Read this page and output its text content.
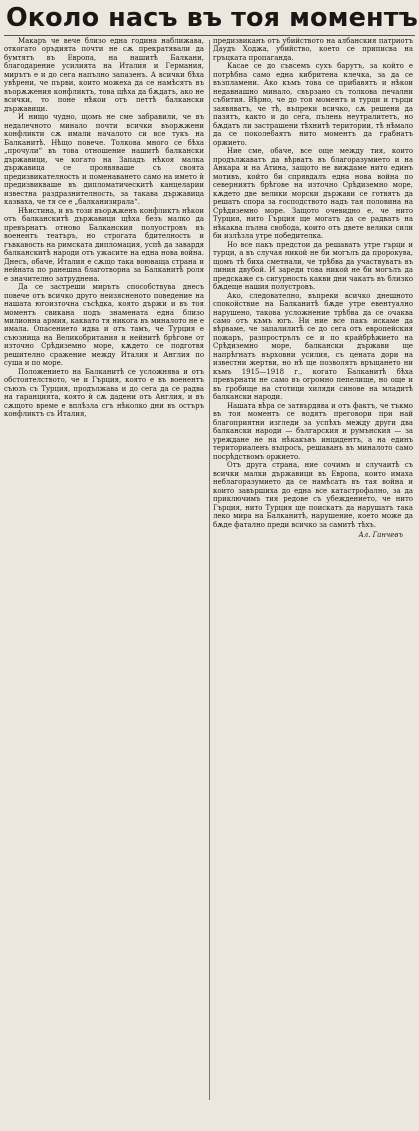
Около насъ въ тоя моментъ

Макаръ че вече близо една година наближава, откогато оръдията почти не сѫ прекратявали да бумтятъ въ Европа, на нашитѣ Балкани, благодарение усилията на Италия и Германия, мирътъ е и до сега напълно запазенъ. А всички бѣха увѣрени, че първи, които можеха да се намѣсятъ въ въорѫжения конфликтъ, това щѣха да бѫдатъ, ако не всички, то поне нѣкои отъ петтѣ балкански държавици.

И нищо чудно, щомъ не сме забравили, че въ недалечното минало почти всички въорѫжени конфликти сѫ имали началото си все тукъ на Балканитѣ. Нѣщо повече. Толкова много се бѣха „прочули“ въ това отношение нашитѣ балкански държавици, че когато на Западъ нѣкоя малка държавица се проявяваше съ своята предизвикателность и поменаването само на името ѝ предизвикваше въ дипломатическитѣ канцеларии известна раздразнителность, за такава държавица казваха, че тя се е „балканизирала“.

Нѣистина, и въ този въорѫженъ конфликтъ нѣкои отъ балканскитѣ държавици щѣха безъ малко да превърнатъ отново Балканския полуостровъ въ военентъ театъръ, но строгата бдителность и гъвкавость на римската дипломация, успѣ да завардя балканскитѣ народи отъ ужасите на една нова война. Днесъ, обаче, Италия е сѫщо така воюваща страна и нейната по ранешна благотворна за Балканитѣ роля е значително затруднена.

Да се застреши мирътъ способствува днесъ повече отъ всичко друго неизясненото поведение на нашата югоизточна съсѣдка, която държи и въ тоя моментъ свикана подъ знамената една близо милионна армия, каквато тя никога въ миналото не е имала. Опасението идва и отъ тамъ, че Турция е съюзница на Великобритания и нейнитѣ брѣгове от източно Срѣдиземно море, кѫдето се подготвя решително сражение между Италия и Англия по суша и по море.

Положението на Балканитѣ се усложнява и отъ обстоятелството, че и Гърция, която е въ военентъ съюзъ съ Турция, продължава и до сега да се радва на гаранцията, която ѝ сѫ дадени отъ Англия, и въ сѫщото време е вплѣзла сгъ нѣколко дни въ остъръ конфликтъ съ Италия,

предизвиканъ отъ убийството на албанския патриотъ Даудъ Ходжа, убийство, което се приписва на гръцката пропаганда.

Касае се до съвсемъ сухъ барутъ, за който е потрѣбна само една кибритена клечка, за да се възпламени. Ако къмъ това се прибавятъ и нѣкои недавнашно минало, свързано съ толкова печални събития. Вѣрно, че до тоя моментъ и турци и гърци заявяватъ, че тѣ, въпреки всичко, сѫ решени да пазятъ, както и до сега, пълень неутралитетъ, но бѫдатъ ли застрашени тѣхнитѣ територии, тѣ нѣмало да се поколебаятъ нито моментъ да грабнатъ оржието.

Ние сме, обаче, все още между тия, които продължаватъ да вѣрватъ въ благоразумието и на Анкара и на Атина, защото не виждаме нито единъ мотивъ, който би спрявдалъ една нова война по северниятъ брѣгове на източно Срѣдиземно море, кѫдето две велики морски държави се готвятъ да решатъ спора за господството надъ тая половина на Срѣдиземно море. Защото очевидно е, че нито Турция, нито Гърция ще могатъ да се радватъ на нѣкаква пълна свобода, които отъ двете велики сили би излѣзла утре победителка.

Но все пакъ предстои да решаватъ утре гърци и турци, а въ случая никой не би могълъ да пророкува, щомъ тѣ биха сметнали, че трѣбва да участвуватъ въ линия двубой. И зареди това никой не би могълъ да предскаже съ сигурность какви дни чакатъ въ близко бѫдеще нашия полустровъ.

Ако, следователно, въпреки всичко днешното спокойствие на Балканитѣ бѫде утре евентуално нарушено, такова усложнение трѣбва да се очаква само отъ къмъ югъ. Ни ние все пакъ искаме да вѣрваме, че запалилитѣ се до сега отъ европейския пожаръ, разпрострълъ се и по крайбрѣжието на Срѣдиземно море, балкански държави ще напрѣгнатъ върховни усилия, съ цената дори на известни жертви, но нѣ ще позволятъ връщането ни къмъ 1915—1918 г., когато Балканитѣ бѣха превърнати не само въ огромно пепелище, но още и въ гробище на стотици хиляди синове на младитѣ балкански народи.

Нашата вѣра се затвърдява и отъ фактъ, че тъкмо въ тоя моментъ се водятъ преговори при най благоприятни изгледи за успѣхъ между други два балкански народи — българския и румънския — за уреждане не на нѣкакъвъ инцидентъ, а на единъ териториаленъ въпросъ, решаванъ въ миналото само посрѣдствомъ оржието.

Отъ друга страна, ние сочимъ и случаитѣ съ всички малки държавици въ Европа, които имаха неблагоразумието да се намѣсатъ въ тая война и които завършиха до една все катастрофално, за да приключимъ тия редове съ убеждението, че нито Гърция, нито Турция ще поискатъ да нарушатъ така леко мира на Балканитѣ, нарушение, което може да бѫде фатално преди всичко за самитѣ тѣхъ.

Ал. Ганчевъ
